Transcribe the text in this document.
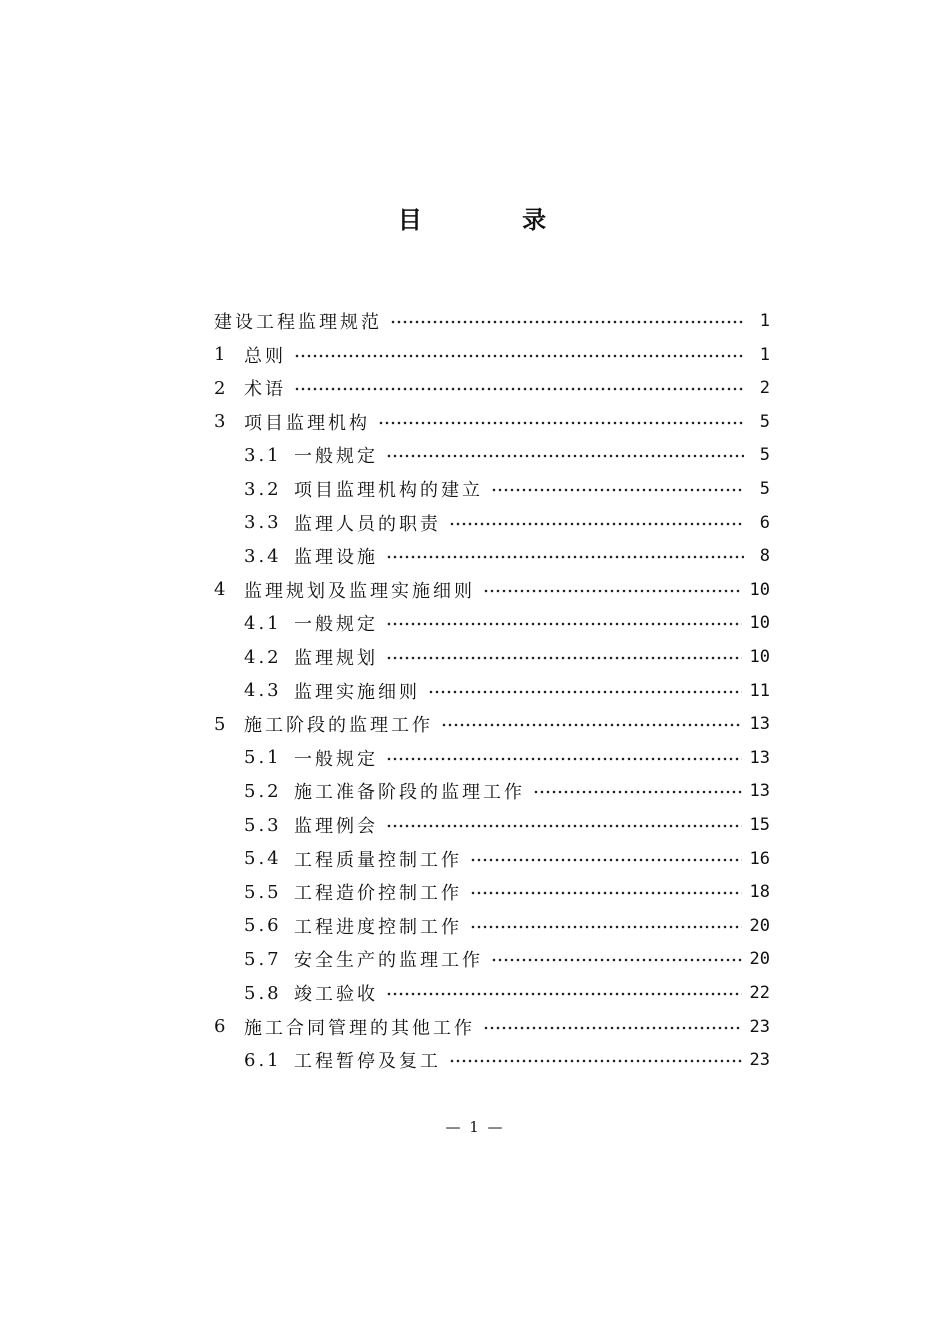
目 录
建设工程监理规范	1
1 总则	1
2 术语	2
3 项目监理机构	5
3.1 一般规定	5
3.2 项目监理机构的建立	5
3.3 监理人员的职责	6
3.4 监理设施	8
4 监理规划及监理实施细则	10
4.1 一般规定	10
4.2 监理规划	10
4.3 监理实施细则	11
5 施工阶段的监理工作	13
5.1 一般规定	13
5.2 施工准备阶段的监理工作	13
5.3 监理例会	15
5.4 工程质量控制工作	16
5.5 工程造价控制工作	18
5.6 工程进度控制工作	20
5.7 安全生产的监理工作	20
5.8 竣工验收	22
6 施工合同管理的其他工作	23
6.1 工程暂停及复工	23
— 1 —
